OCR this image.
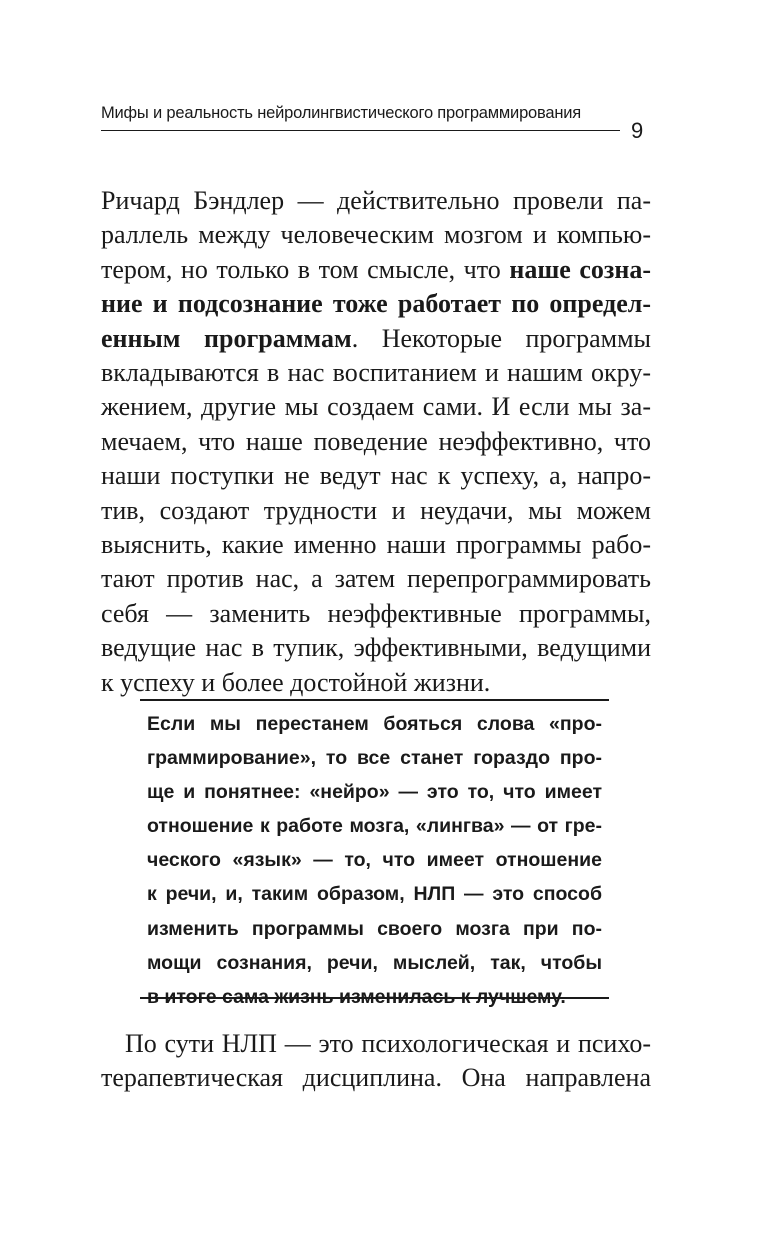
Мифы и реальность нейролингвистического программирования
9
Ричард Бэндлер — действительно провели па-
раллель между человеческим мозгом и компью-
тером, но только в том смысле, что наше созна-
ние и подсознание тоже работает по определ-
енным программам. Некоторые программы
вкладываются в нас воспитанием и нашим окру-
жением, другие мы создаем сами. И если мы за-
мечаем, что наше поведение неэффективно, что
наши поступки не ведут нас к успеху, а, напро-
тив, создают трудности и неудачи, мы можем
выяснить, какие именно наши программы рабо-
тают против нас, а затем перепрограммировать
себя — заменить неэффективные программы,
ведущие нас в тупик, эффективными, ведущими
к успеху и более достойной жизни.
Если мы перестанем бояться слова «про-
граммирование», то все станет гораздо про-
ще и понятнее: «нейро» — это то, что имеет
отношение к работе мозга, «лингва» — от гре-
ческого «язык» — то, что имеет отношение
к речи, и, таким образом, НЛП — это способ
изменить программы своего мозга при по-
мощи сознания, речи, мыслей, так, чтобы
в итоге сама жизнь изменилась к лучшему.
По сути НЛП — это психологическая и психо-
терапевтическая дисциплина. Она направлена
